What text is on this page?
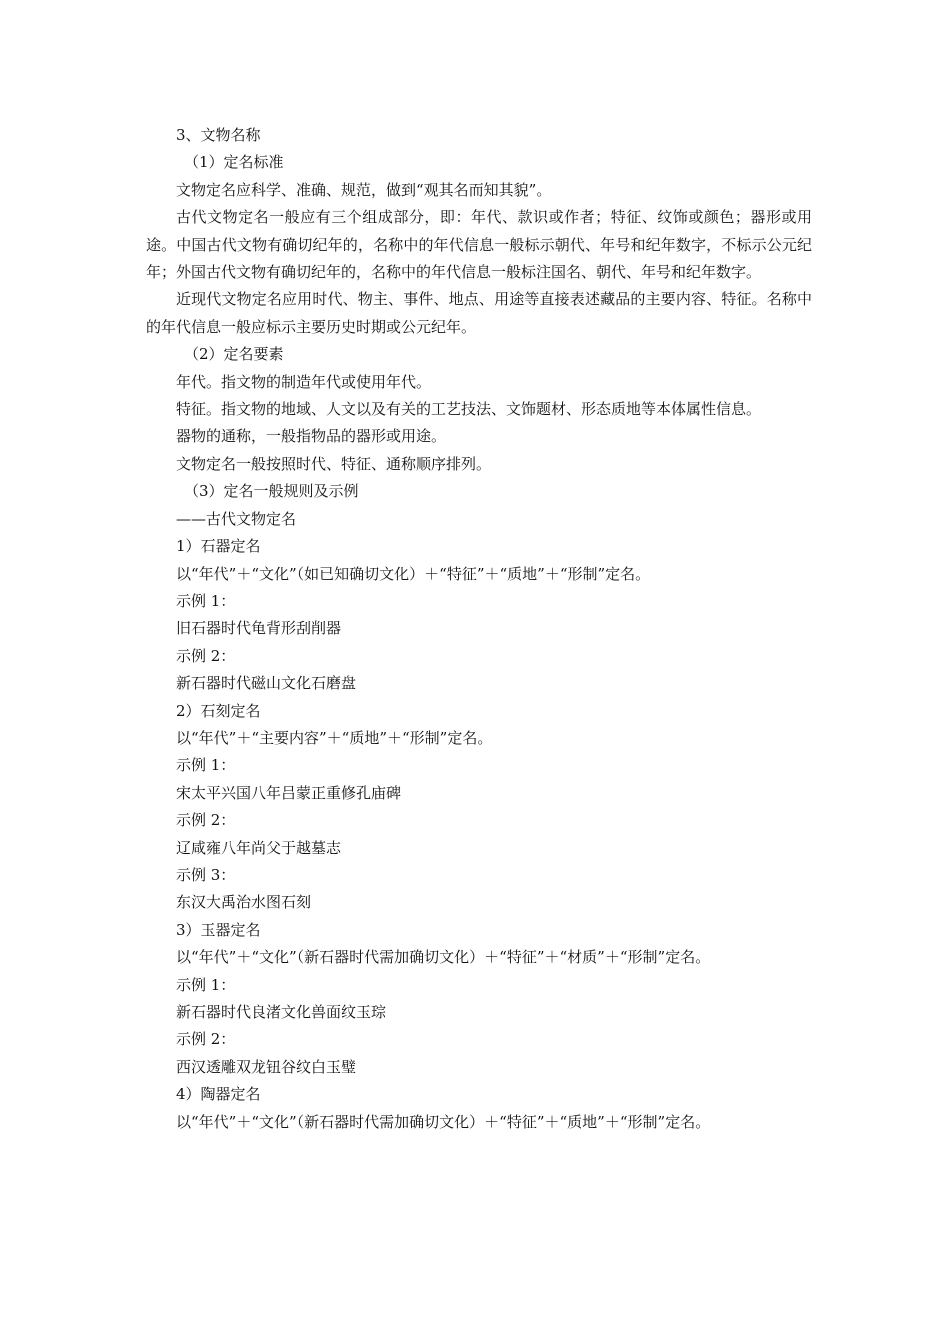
3、文物名称
（1）定名标准
文物定名应科学、准确、规范，做到“观其名而知其貌”。
古代文物定名一般应有三个组成部分，即：年代、款识或作者；特征、纹饰或颜色；器形或用途。中国古代文物有确切纪年的，名称中的年代信息一般标示朝代、年号和纪年数字，不标示公元纪年；外国古代文物有确切纪年的，名称中的年代信息一般标注国名、朝代、年号和纪年数字。
近现代文物定名应用时代、物主、事件、地点、用途等直接表述藏品的主要内容、特征。名称中的年代信息一般应标示主要历史时期或公元纪年。
（2）定名要素
年代。指文物的制造年代或使用年代。
特征。指文物的地域、人文以及有关的工艺技法、文饰题材、形态质地等本体属性信息。
器物的通称，一般指物品的器形或用途。
文物定名一般按照时代、特征、通称顺序排列。
（3）定名一般规则及示例
——古代文物定名
1）石器定名
以“年代”＋“文化”（如已知确切文化）＋“特征”＋“质地”＋“形制”定名。
示例 1：
旧石器时代龟背形刮削器
示例 2：
新石器时代磁山文化石磨盘
2）石刻定名
以“年代”＋“主要内容”＋“质地”＋“形制”定名。
示例 1：
宋太平兴国八年吕蒙正重修孔庙碑
示例 2：
辽咸雍八年尚父于越墓志
示例 3：
东汉大禹治水图石刻
3）玉器定名
以“年代”＋“文化”（新石器时代需加确切文化）＋“特征”＋“材质”＋“形制”定名。
示例 1：
新石器时代良渚文化兽面纹玉琮
示例 2：
西汉透雕双龙钮谷纹白玉璧
4）陶器定名
以“年代”＋“文化”（新石器时代需加确切文化）＋“特征”＋“质地”＋“形制”定名。
